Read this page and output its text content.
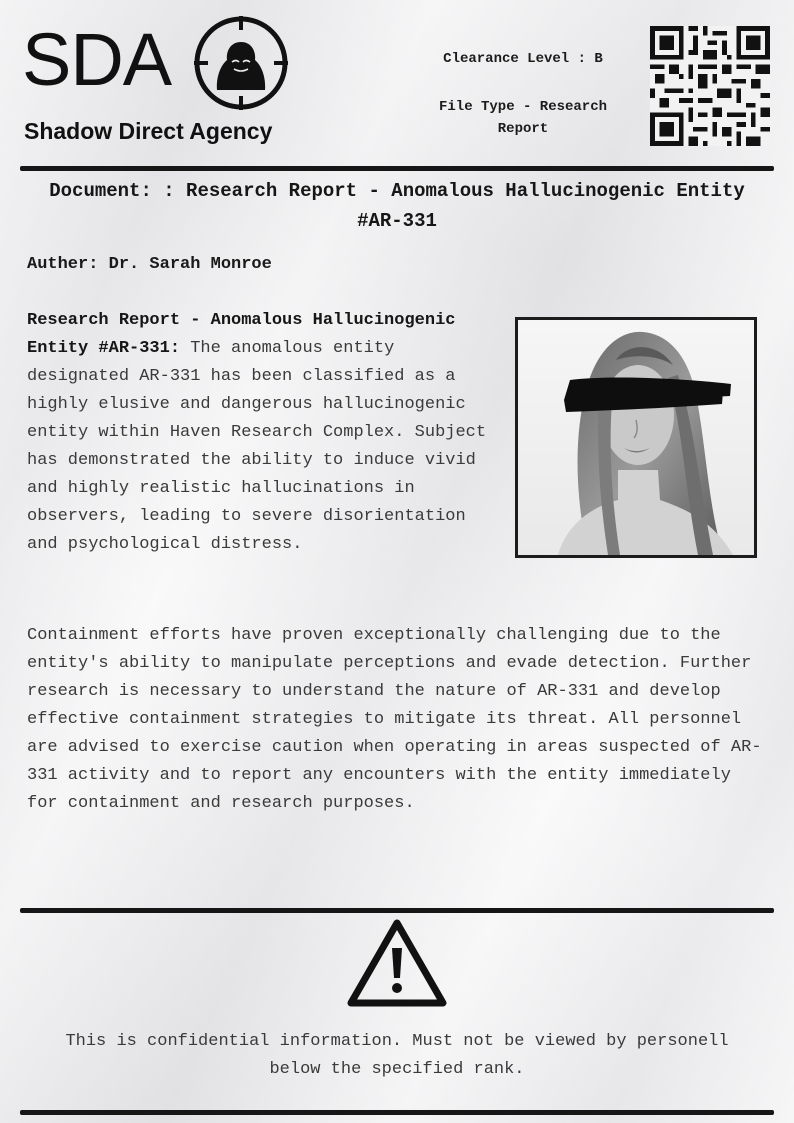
SDA
Shadow Direct Agency
Clearance Level : B
File Type - Research Report
Document: : Research Report - Anomalous Hallucinogenic Entity #AR-331
Auther: Dr. Sarah Monroe
Research Report - Anomalous Hallucinogenic Entity #AR-331: The anomalous entity designated AR-331 has been classified as a highly elusive and dangerous hallucinogenic entity within Haven Research Complex. Subject has demonstrated the ability to induce vivid and highly realistic hallucinations in observers, leading to severe disorientation and psychological distress.
Containment efforts have proven exceptionally challenging due to the entity's ability to manipulate perceptions and evade detection. Further research is necessary to understand the nature of AR-331 and develop effective containment strategies to mitigate its threat. All personnel are advised to exercise caution when operating in areas suspected of AR-331 activity and to report any encounters with the entity immediately for containment and research purposes.
This is confidential information. Must not be viewed by personell below the specified rank.
